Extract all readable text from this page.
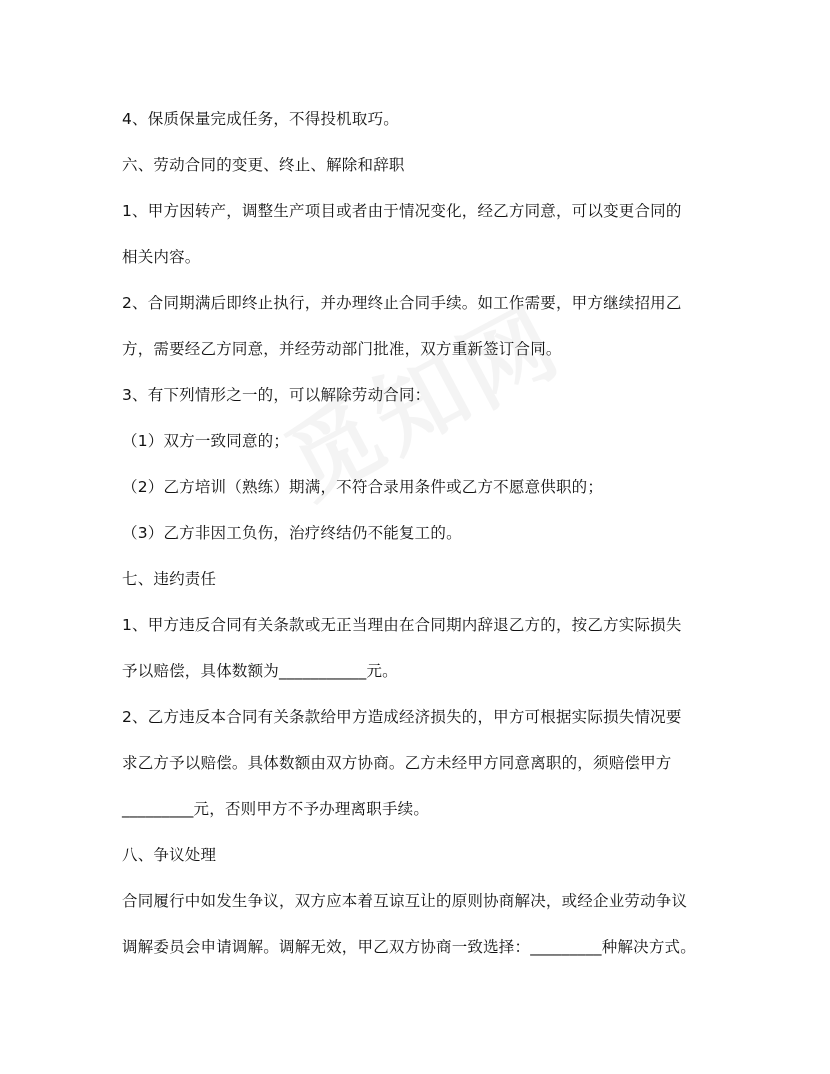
4、保质保量完成任务，不得投机取巧。
六、劳动合同的变更、终止、解除和辞职
1、甲方因转产，调整生产项目或者由于情况变化，经乙方同意，可以变更合同的
相关内容。
2、合同期满后即终止执行，并办理终止合同手续。如工作需要，甲方继续招用乙
方，需要经乙方同意，并经劳动部门批准，双方重新签订合同。
3、有下列情形之一的，可以解除劳动合同：
（1）双方一致同意的；
（2）乙方培训（熟练）期满，不符合录用条件或乙方不愿意供职的；
（3）乙方非因工负伤，治疗终结仍不能复工的。
七、违约责任
1、甲方违反合同有关条款或无正当理由在合同期内辞退乙方的，按乙方实际损失
予以赔偿，具体数额为___________元。
2、乙方违反本合同有关条款给甲方造成经济损失的，甲方可根据实际损失情况要
求乙方予以赔偿。具体数额由双方协商。乙方未经甲方同意离职的，须赔偿甲方
_________元，否则甲方不予办理离职手续。
八、争议处理
合同履行中如发生争议，双方应本着互谅互让的原则协商解决，或经企业劳动争议
调解委员会申请调解。调解无效，甲乙双方协商一致选择：_________种解决方式。
